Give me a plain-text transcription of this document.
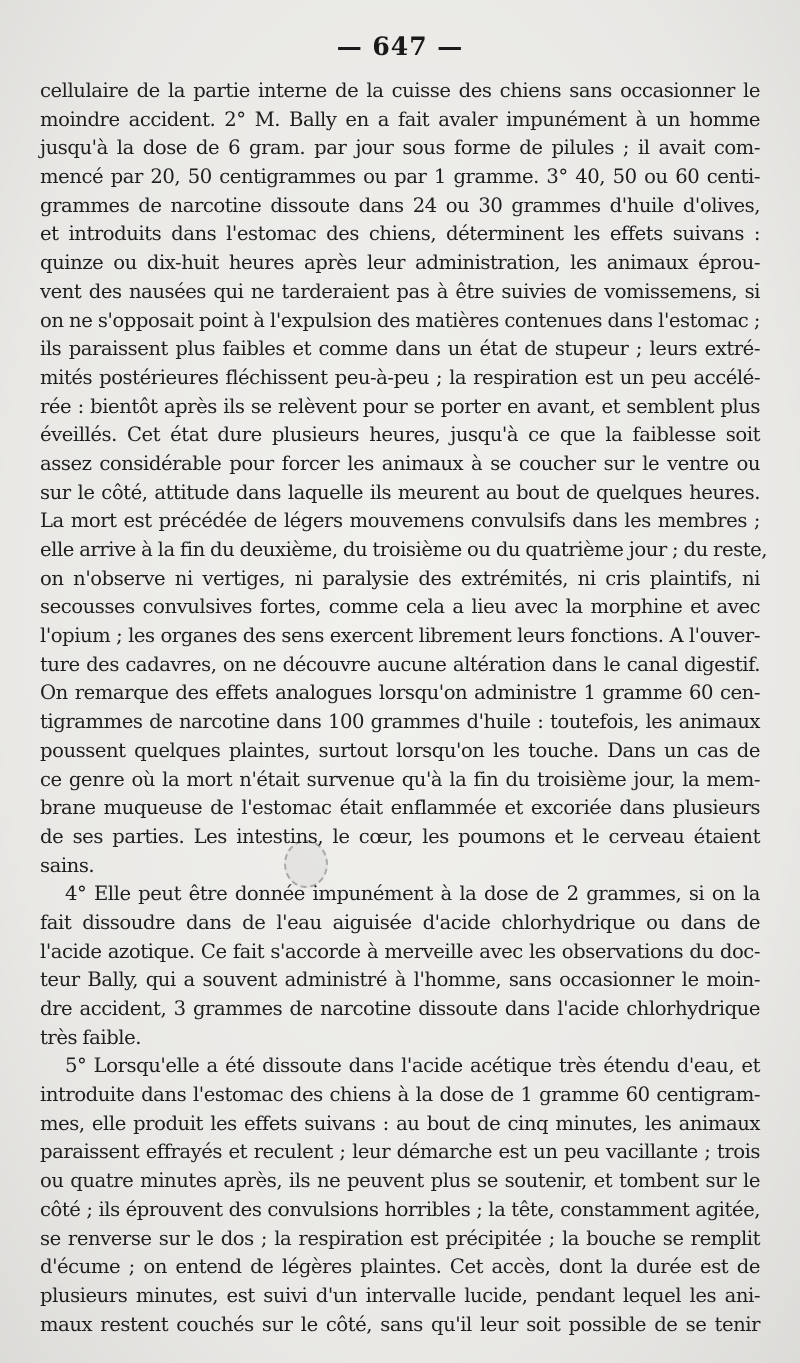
— 647 —
cellulaire de la partie interne de la cuisse des chiens sans occasionner le
moindre accident. 2° M. Bally en a fait avaler impunément à un homme
jusqu'à la dose de 6 gram. par jour sous forme de pilules ; il avait com-
mencé par 20, 50 centigrammes ou par 1 gramme. 3° 40, 50 ou 60 centi-
grammes de narcotine dissoute dans 24 ou 30 grammes d'huile d'olives,
et introduits dans l'estomac des chiens, déterminent les effets suivans :
quinze ou dix-huit heures après leur administration, les animaux éprou-
vent des nausées qui ne tarderaient pas à être suivies de vomissemens, si
on ne s'opposait point à l'expulsion des matières contenues dans l'estomac ;
ils paraissent plus faibles et comme dans un état de stupeur ; leurs extré-
mités postérieures fléchissent peu-à-peu ; la respiration est un peu accélé-
rée : bientôt après ils se relèvent pour se porter en avant, et semblent plus
éveillés. Cet état dure plusieurs heures, jusqu'à ce que la faiblesse soit
assez considérable pour forcer les animaux à se coucher sur le ventre ou
sur le côté, attitude dans laquelle ils meurent au bout de quelques heures.
La mort est précédée de légers mouvemens convulsifs dans les membres ;
elle arrive à la fin du deuxième, du troisième ou du quatrième jour ; du reste,
on n'observe ni vertiges, ni paralysie des extrémités, ni cris plaintifs, ni
secousses convulsives fortes, comme cela a lieu avec la morphine et avec
l'opium ; les organes des sens exercent librement leurs fonctions. A l'ouver-
ture des cadavres, on ne découvre aucune altération dans le canal digestif.
On remarque des effets analogues lorsqu'on administre 1 gramme 60 cen-
tigrammes de narcotine dans 100 grammes d'huile : toutefois, les animaux
poussent quelques plaintes, surtout lorsqu'on les touche. Dans un cas de
ce genre où la mort n'était survenue qu'à la fin du troisième jour, la mem-
brane muqueuse de l'estomac était enflammée et excoriée dans plusieurs
de ses parties. Les intestins, le cœur, les poumons et le cerveau étaient
sains.
4° Elle peut être donnée impunément à la dose de 2 grammes, si on la
fait dissoudre dans de l'eau aiguisée d'acide chlorhydrique ou dans de
l'acide azotique. Ce fait s'accorde à merveille avec les observations du doc-
teur Bally, qui a souvent administré à l'homme, sans occasionner le moin-
dre accident, 3 grammes de narcotine dissoute dans l'acide chlorhydrique
très faible.
5° Lorsqu'elle a été dissoute dans l'acide acétique très étendu d'eau, et
introduite dans l'estomac des chiens à la dose de 1 gramme 60 centigram-
mes, elle produit les effets suivans : au bout de cinq minutes, les animaux
paraissent effrayés et reculent ; leur démarche est un peu vacillante ; trois
ou quatre minutes après, ils ne peuvent plus se soutenir, et tombent sur le
côté ; ils éprouvent des convulsions horribles ; la tête, constamment agitée,
se renverse sur le dos ; la respiration est précipitée ; la bouche se remplit
d'écume ; on entend de légères plaintes. Cet accès, dont la durée est de
plusieurs minutes, est suivi d'un intervalle lucide, pendant lequel les ani-
maux restent couchés sur le côté, sans qu'il leur soit possible de se tenir
